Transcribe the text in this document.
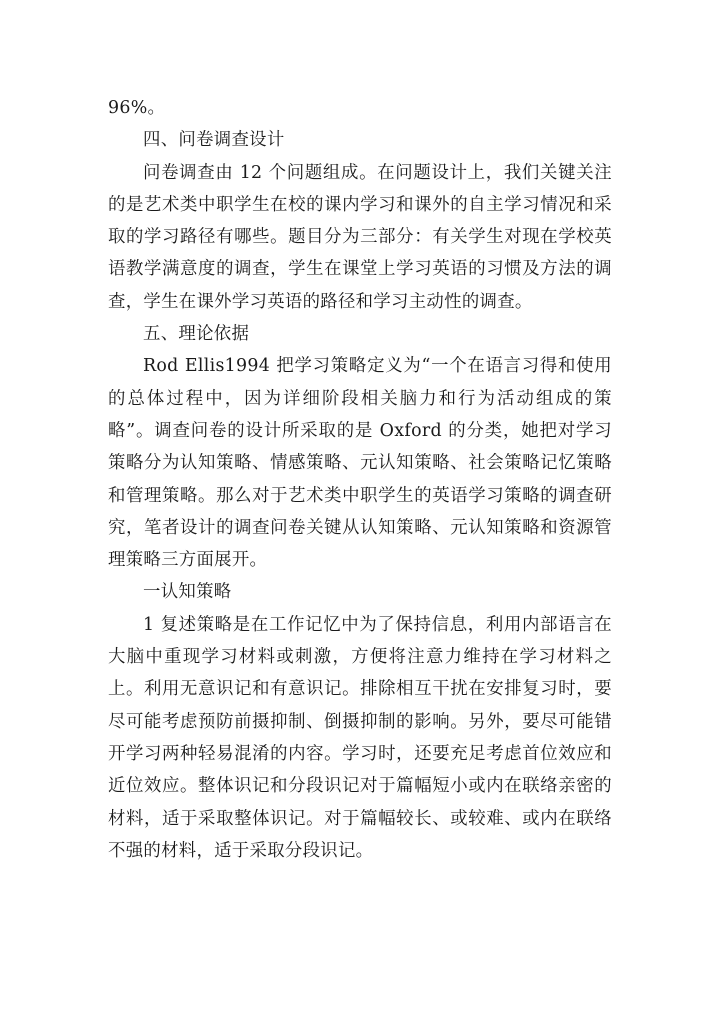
96%。

四、问卷调查设计

问卷调查由 12 个问题组成。在问题设计上，我们关键关注的是艺术类中职学生在校的课内学习和课外的自主学习情况和采取的学习路径有哪些。题目分为三部分：有关学生对现在学校英语教学满意度的调查，学生在课堂上学习英语的习惯及方法的调查，学生在课外学习英语的路径和学习主动性的调查。

五、理论依据

Rod Ellis1994 把学习策略定义为“一个在语言习得和使用的总体过程中，因为详细阶段相关脑力和行为活动组成的策略”。调查问卷的设计所采取的是 Oxford 的分类，她把对学习策略分为认知策略、情感策略、元认知策略、社会策略记忆策略和管理策略。那么对于艺术类中职学生的英语学习策略的调查研究，笔者设计的调查问卷关键从认知策略、元认知策略和资源管理策略三方面展开。

一认知策略

1 复述策略是在工作记忆中为了保持信息，利用内部语言在大脑中重现学习材料或刺激，方便将注意力维持在学习材料之上。利用无意识记和有意识记。排除相互干扰在安排复习时，要尽可能考虑预防前摄抑制、倒摄抑制的影响。另外，要尽可能错开学习两种轻易混淆的内容。学习时，还要充足考虑首位效应和近位效应。整体识记和分段识记对于篇幅短小或内在联络亲密的材料，适于采取整体识记。对于篇幅较长、或较难、或内在联络不强的材料，适于采取分段识记。
